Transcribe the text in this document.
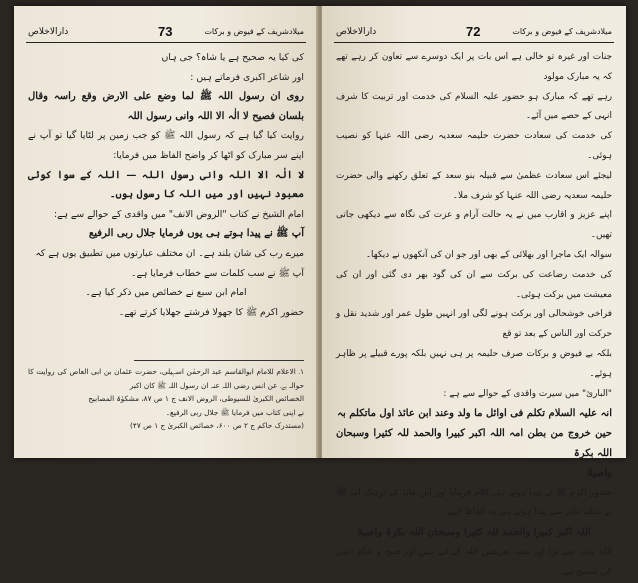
دارالاخلاص	73	میلادشریف کے فیوض و برکات

کی کیا یہ صحیح ہے یا شاہ؟ جی ہاں

اور شاعر اکبری فرماتے ہیں :

روی ان رسول اللہ ﷺ لما وضع علی الارض وقع راسہ وقال بلسان فصیح لا الٰہ الا اللہ وانی رسول اللہ

روایت کیا گیا ہے کہ رسول اللہ ﷺ کو جب زمین پر لٹایا گیا تو آپ نے اپنے سر مبارک کو اٹھا کر واضح الفاظ میں فرمایا:

لا الٰہ الا اللہ وانی رسول اللہ — اللہ کے سوا کوئی معبود نہیں اور میں اللہ کا رسول ہوں۔

امام الشیخ نے کتاب "الروض الانف" میں واقدی کے حوالے سے ہے:

آپ ﷺ نے پیدا ہوتے ہی یوں فرمایا جلال ربی الرفیع

میرے رب کی شان بلند ہے۔ ان مختلف عبارتوں میں تطبیق یوں ہے کہ

آپ ﷺ نے سب کلمات سے خطاب فرمایا ہے۔

امام ابن سبع نے خصائص میں ذکر کیا ہے۔

حضور اکرم ﷺ کا جھولا فرشتے جھلایا کرتے تھے۔

۱۔ الاعلام للامام ابوالقاسم عبد الرحمٰن اسہیلی، حضرت عثمان بن ابی العاص کی روایت کا حوالہ ہے۔ عن انس رضی اللہ عنہ ان رسول اللہ ﷺ کان اکبر

الخصائص الکبریٰ للسیوطی، الروض الانف ج ۱ ص ۸۷، مشکوٰۃ المصابیح

نے اپنی کتاب میں فرمایا ﷺ جلال ربی الرفیع۔

(مستدرک حاکم ج ۲ ص ۶۰۰، خصائص الکبریٰ ج ۱ ص ۴۷)

دارالاخلاص	72	میلادشریف کے فیوض و برکات

جنات اور غیرہ تو خالی ہے اس بات پر ایک دوسرے سے تعاون کر رہے تھے کہ یہ مبارک مولود

رہے تھے کہ مبارک ہو حضور علیہ السلام کی خدمت اور تربیت کا شرف انہی کے حصے میں آئے۔

کی خدمت کی سعادت حضرت حلیمہ سعدیہ رضی اللہ عنہا کو نصیب ہوئی۔

لیجئے اس سعادت عظمیٰ سے قبیلہ بنو سعد کے تعلق رکھنے والی حضرت حلیمہ سعدیہ رضی اللہ عنہا کو شرف ملا۔

اپنے عزیز و اقارب میں نے یہ حالت آرام و عزت کی نگاہ سے دیکھی جاتی تھیں۔

سوالہ ایک ماجرا اور بھلائی کے بھی اور جو ان کی آنکھوں نے دیکھا۔

کی خدمت رضاعت کی برکت سے ان کی گود بھر دی گئی اور ان کی معیشت میں برکت ہوئی۔

فراخی خوشحالی اور برکت ہونے لگی اور انہیں طول عمر اور شدید نقل و حرکت اور الناس کے بعد تو قع

بلکہ بے فیوض و برکات صرف حلیمہ پر ہی نہیں بلکہ پورے قبیلے پر ظاہر ہوئے۔

"البارئ" میں سیرت واقدی کے حوالے سے ہے :

انہ علیہ السلام تکلم فی اوائل ما ولد وعند ابن عائذ اول ماتکلم بہ

حین خروج من بطن امہ اللہ اکبر کبیرا والحمد للہ کثیرا وسبحان اللہ بکرۃ

واصیلا

حضور اکرم ﷺ نے پیدا ہوتے ہی کلام فرمایا اور ابن عائذ کے نزدیک آپ ﷺ نے شکم مادر سے پیدا ہوتے ہی یہ الفاظ کہے :

اللہ اکبر کبیرا والحمد للہ کثیرا وسبحان اللہ بکرۃ واصیلا

اللہ سب سے بڑا اور سب تعریفیں اللہ کے لیے ہیں اور صبح و شام اسی کی تسبیح ہے۔
